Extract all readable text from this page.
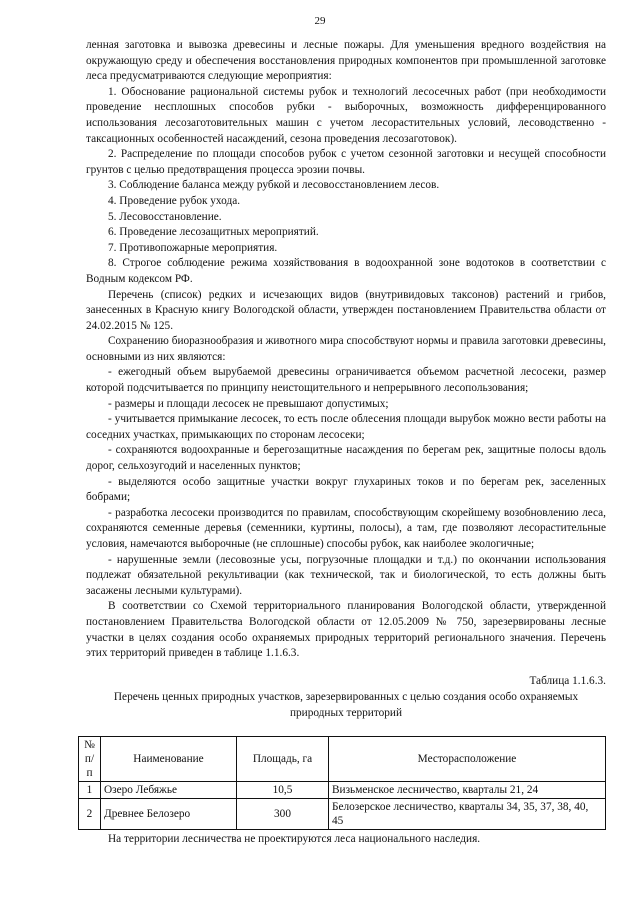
29

ленная заготовка и вывозка древесины и лесные пожары. Для уменьшения вредного воздействия на окружающую среду и обеспечения восстановления природных компонентов при промышленной заготовке леса предусматриваются следующие мероприятия:

1. Обоснование рациональной системы рубок и технологий лесосечных работ (при необходимости проведение несплошных способов рубки - выборочных, возможность дифференцированного использования лесозаготовительных машин с учетом лесорастительных условий, лесоводственно - таксационных особенностей насаждений, сезона проведения лесозаготовок).

2. Распределение по площади способов рубок с учетом сезонной заготовки и несущей способности грунтов с целью предотвращения процесса эрозии почвы.

3. Соблюдение баланса между рубкой и лесовосстановлением лесов.

4. Проведение рубок ухода.

5. Лесовосстановление.

6. Проведение лесозащитных мероприятий.

7. Противопожарные мероприятия.

8. Строгое соблюдение режима хозяйствования в водоохранной зоне водотоков в соответствии с Водным кодексом РФ.

Перечень (список) редких и исчезающих видов (внутривидовых таксонов) растений и грибов, занесенных в Красную книгу Вологодской области, утвержден постановлением Правительства области от 24.02.2015 № 125.

Сохранению биоразнообразия и животного мира способствуют нормы и правила заготовки древесины, основными из них являются:

- ежегодный объем вырубаемой древесины ограничивается объемом расчетной лесосеки, размер которой подсчитывается по принципу неистощительного и непрерывного лесопользования;

- размеры и площади лесосек не превышают допустимых;

- учитывается примыкание лесосек, то есть после облесения площади вырубок можно вести работы на соседних участках, примыкающих по сторонам лесосеки;

- сохраняются водоохранные и берегозащитные насаждения по берегам рек, защитные полосы вдоль дорог, сельхозугодий и населенных пунктов;

- выделяются особо защитные участки вокруг глухариных токов и по берегам рек, заселенных бобрами;

- разработка лесосеки производится по правилам, способствующим скорейшему возобновлению леса, сохраняются семенные деревья (семенники, куртины, полосы), а там, где позволяют лесорастительные условия, намечаются выборочные (не сплошные) способы рубок, как наиболее экологичные;

- нарушенные земли (лесовозные усы, погрузочные площадки и т.д.) по окончании использования подлежат обязательной рекультивации (как технической, так и биологической, то есть должны быть засажены лесными культурами).

В соответствии со Схемой территориального планирования Вологодской области, утвержденной постановлением Правительства Вологодской области от 12.05.2009 № 750, зарезервированы лесные участки в целях создания особо охраняемых природных территорий регионального значения. Перечень этих территорий приведен в таблице 1.1.6.3.

Таблица 1.1.6.3.
Перечень ценных природных участков, зарезервированных с целью создания особо охраняемых природных территорий
№ п/п	Наименование	Площадь, га	Месторасположение
1	Озеро Лебяжье	10,5	Визьменское лесничество, кварталы 21, 24
2	Древнее Белозеро	300	Белозерское лесничество, кварталы 34, 35, 37, 38, 40, 45
На территории лесничества не проектируются леса национального наследия.
